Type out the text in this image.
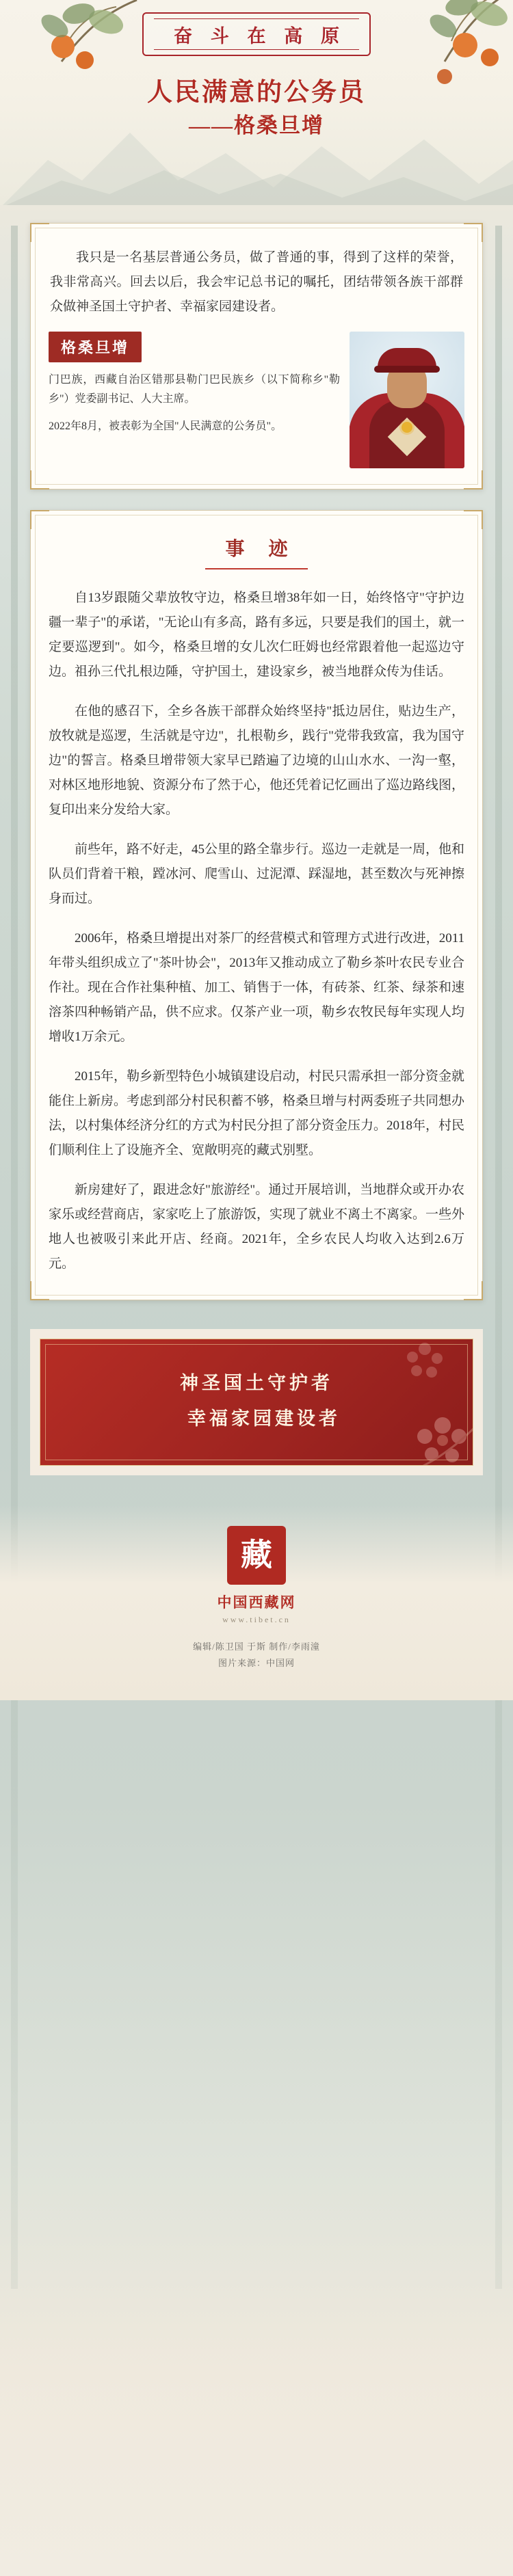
奋 斗 在 高 原
人民满意的公务员
——格桑旦增

我只是一名基层普通公务员，做了普通的事，得到了这样的荣誉，我非常高兴。回去以后，我会牢记总书记的嘱托，团结带领各族干部群众做神圣国土守护者、幸福家园建设者。

格桑旦增
门巴族，西藏自治区错那县勒门巴民族乡（以下简称乡"勒乡"）党委副书记、人大主席。
2022年8月，被表彰为全国"人民满意的公务员"。
事 迹

自13岁跟随父辈放牧守边，格桑旦增38年如一日，始终恪守"守护边疆一辈子"的承诺，"无论山有多高，路有多远，只要是我们的国土，就一定要巡逻到"。如今，格桑旦增的女儿次仁旺姆也经常跟着他一起巡边守边。祖孙三代扎根边陲，守护国土，建设家乡，被当地群众传为佳话。

在他的感召下，全乡各族干部群众始终坚持"抵边居住，贴边生产，放牧就是巡逻，生活就是守边"，扎根勒乡，践行"党带我致富，我为国守边"的誓言。格桑旦增带领大家早已踏遍了边境的山山水水、一沟一壑，对林区地形地貌、资源分布了然于心，他还凭着记忆画出了巡边路线图，复印出来分发给大家。

前些年，路不好走，45公里的路全靠步行。巡边一走就是一周，他和队员们背着干粮，蹚冰河、爬雪山、过泥潭、踩湿地，甚至数次与死神擦身而过。

2006年，格桑旦增提出对茶厂的经营模式和管理方式进行改进，2011年带头组织成立了"茶叶协会"，2013年又推动成立了勒乡茶叶农民专业合作社。现在合作社集种植、加工、销售于一体，有砖茶、红茶、绿茶和速溶茶四种畅销产品，供不应求。仅茶产业一项，勒乡农牧民每年实现人均增收1万余元。

2015年，勒乡新型特色小城镇建设启动，村民只需承担一部分资金就能住上新房。考虑到部分村民积蓄不够，格桑旦增与村两委班子共同想办法，以村集体经济分红的方式为村民分担了部分资金压力。2018年，村民们顺利住上了设施齐全、宽敞明亮的藏式别墅。

新房建好了，跟进念好"旅游经"。通过开展培训，当地群众或开办农家乐或经营商店，家家吃上了旅游饭，实现了就业不离土不离家。一些外地人也被吸引来此开店、经商。2021年，全乡农民人均收入达到2.6万元。

神圣国土守护者
幸福家园建设者
藏
中国西藏网
www.tibet.cn
编辑/陈卫国 于斯 制作/李雨潼
图片来源：中国网
